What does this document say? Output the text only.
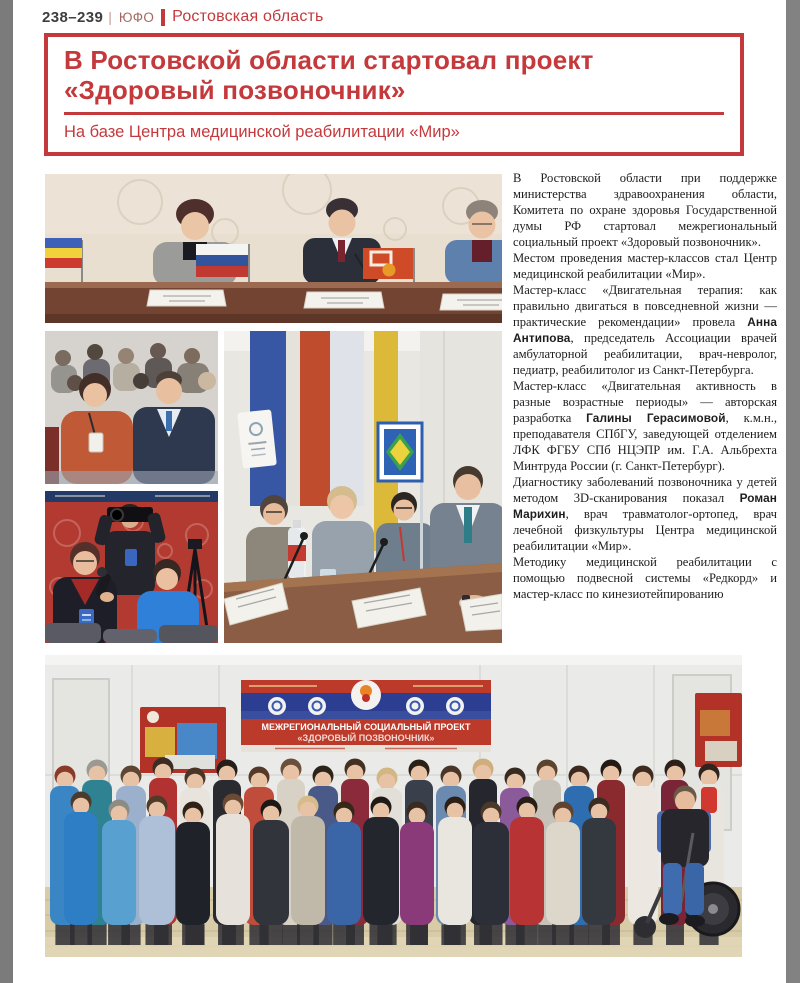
238–239 | ЮФО Ростовская область
В Ростовской области стартовал проект «Здоровый позвоночник»
На базе Центра медицинской реабилитации «Мир»

В Ростовской области при поддержке министерства здравоохранения области, Комитета по охране здоровья Государственной думы РФ стартовал межрегиональный социальный проект «Здоровый позвоночник».

Местом проведения мастер-классов стал Центр медицинской реабилитации «Мир».

Мастер-класс «Двигательная терапия: как правильно двигаться в повседневной жизни — практические рекомендации» провела Анна Антипова, председатель Ассоциации врачей амбулаторной реабилитации, врач-невролог, педиатр, реабилитолог из Санкт-Петербурга.

Мастер-класс «Двигательная активность в разные возрастные периоды» — авторская разработка Галины Герасимовой, к.м.н., преподавателя СПбГУ, заведующей отделением ЛФК ФГБУ СПб НЦЭПР им. Г.А. Альбрехта Минтруда России (г. Санкт-Петербург).

Диагностику заболеваний позвоночника у детей методом 3D-сканирования показал Роман Марихин, врач травматолог-ортопед, врач лечебной физкультуры Центра медицинской реабилитации «Мир».

Методику медицинской реабилитации с помощью подвесной системы «Редкорд» и мастер-класс по кинезиотейпированию

МЕЖРЕГИОНАЛЬНЫЙ СОЦИАЛЬНЫЙ ПРОЕКТ
«ЗДОРОВЫЙ ПОЗВОНОЧНИК»
